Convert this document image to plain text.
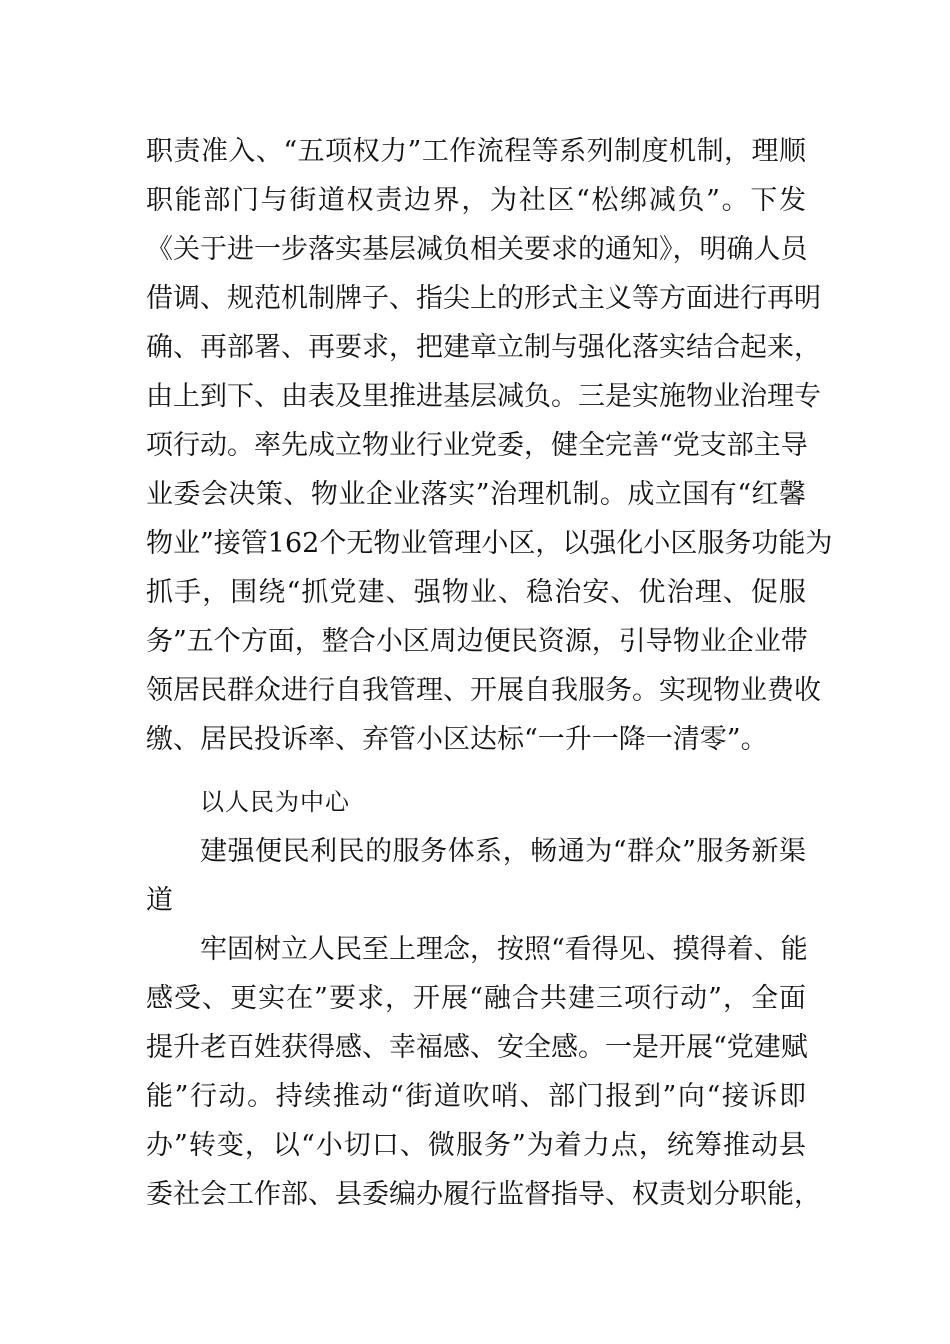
职责准入、“五项权力”工作流程等系列制度机制，理顺
职能部门与街道权责边界，为社区“松绑减负”。下发
《关于进一步落实基层减负相关要求的通知》，明确人员
借调、规范机制牌子、指尖上的形式主义等方面进行再明
确、再部署、再要求，把建章立制与强化落实结合起来，
由上到下、由表及里推进基层减负。三是实施物业治理专
项行动。率先成立物业行业党委，健全完善“党支部主导
业委会决策、物业企业落实”治理机制。成立国有“红馨
物业”接管162个无物业管理小区，以强化小区服务功能为
抓手，围绕“抓党建、强物业、稳治安、优治理、促服
务”五个方面，整合小区周边便民资源，引导物业企业带
领居民群众进行自我管理、开展自我服务。实现物业费收
缴、居民投诉率、弃管小区达标“一升一降一清零”。
以人民为中心
建强便民利民的服务体系，畅通为“群众”服务新渠
道
牢固树立人民至上理念，按照“看得见、摸得着、能
感受、更实在”要求，开展“融合共建三项行动”，全面
提升老百姓获得感、幸福感、安全感。一是开展“党建赋
能”行动。持续推动“街道吹哨、部门报到”向“接诉即
办”转变，以“小切口、微服务”为着力点，统筹推动县
委社会工作部、县委编办履行监督指导、权责划分职能，
